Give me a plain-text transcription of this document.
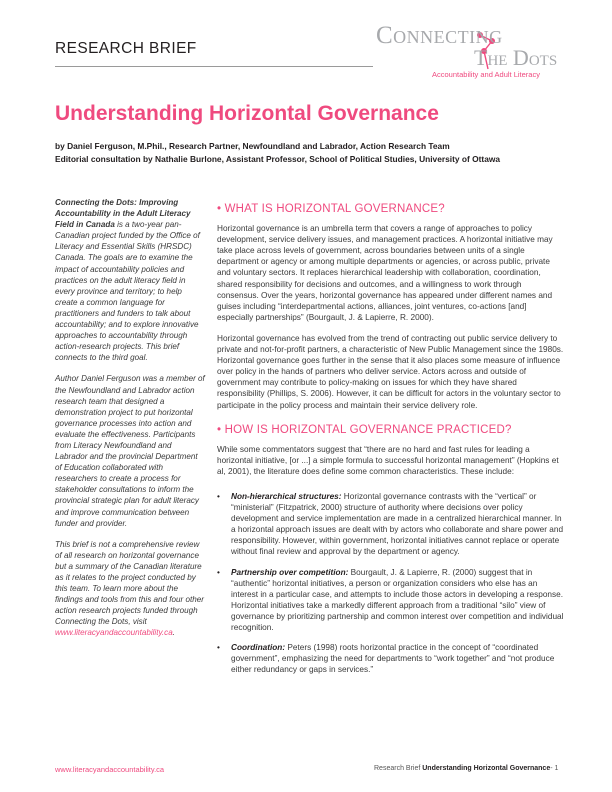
RESEARCH BRIEF	Connecting
The Dots
Accountability and Adult Literacy
Understanding Horizontal Governance
by Daniel Ferguson, M.Phil., Research Partner, Newfoundland and Labrador, Action Research Team
Editorial consultation by Nathalie Burlone, Assistant Professor, School of Political Studies, University of Ottawa

Connecting the Dots: Improving Accountability in the Adult Literacy Field in Canada is a two-year pan-Canadian project funded by the Office of Literacy and Essential Skills (HRSDC) Canada. The goals are to examine the impact of accountability policies and practices on the adult literacy field in every province and territory; to help create a common language for practitioners and funders to talk about accountability; and to explore innovative approaches to accountability through action-research projects. This brief connects to the third goal.

Author Daniel Ferguson was a member of the Newfoundland and Labrador action research team that designed a demonstration project to put horizontal governance processes into action and evaluate the effectiveness. Participants from Literacy Newfoundland and Labrador and the provincial Department of Education collaborated with researchers to create a process for stakeholder consultations to inform the provincial strategic plan for adult literacy and improve communication between funder and provider.

This brief is not a comprehensive review of all research on horizontal governance but a summary of the Canadian literature as it relates to the project conducted by this team. To learn more about the findings and tools from this and four other action research projects funded through Connecting the Dots, visit www.literacyandaccountability.ca.

• WHAT IS HORIZONTAL GOVERNANCE?

Horizontal governance is an umbrella term that covers a range of approaches to policy development, service delivery issues, and management practices. A horizontal initiative may take place across levels of government, across boundaries between units of a single department or agency or among multiple departments or agencies, or across public, private and voluntary sectors. It replaces hierarchical leadership with collaboration, coordination, shared responsibility for decisions and outcomes, and a willingness to work through consensus. Over the years, horizontal governance has appeared under different names and guises including “interdepartmental actions, alliances, joint ventures, co-actions [and] especially partnerships” (Bourgault, J. & Lapierre, R. 2000).

Horizontal governance has evolved from the trend of contracting out public service delivery to private and not-for-profit partners, a characteristic of New Public Management since the 1980s. Horizontal governance goes further in the sense that it also places some measure of influence over policy in the hands of partners who deliver service. Actors across and outside of government may contribute to policy-making on issues for which they have shared responsibility (Phillips, S. 2006). However, it can be difficult for actors in the voluntary sector to participate in the policy process and maintain their service delivery role.

• HOW IS HORIZONTAL GOVERNANCE PRACTICED?

While some commentators suggest that “there are no hard and fast rules for leading a horizontal initiative, [or ...] a simple formula to successful horizontal management” (Hopkins et al, 2001), the literature does define some common characteristics. These include:

• Non-hierarchical structures: Horizontal governance contrasts with the “vertical” or “ministerial” (Fitzpatrick, 2000) structure of authority where decisions over policy development and service implementation are made in a centralized hierarchical manner. In a horizontal approach issues are dealt with by actors who collaborate and share power and responsibility. However, within government, horizontal initiatives cannot replace or operate without final review and approval by the department or agency.
• Partnership over competition: Bourgault, J. & Lapierre, R. (2000) suggest that in “authentic” horizontal initiatives, a person or organization considers who else has an interest in a particular case, and attempts to include those actors in developing a response. Horizontal initiatives take a markedly different approach from a traditional “silo” view of governance by prioritizing partnership and common interest over competition and individual recognition.
• Coordination: Peters (1998) roots horizontal practice in the concept of “coordinated government”, emphasizing the need for departments to “work together” and “not produce either redundancy or gaps in services.”
www.literacyandaccountability.ca	Research Brief Understanding Horizontal Governance- 1
